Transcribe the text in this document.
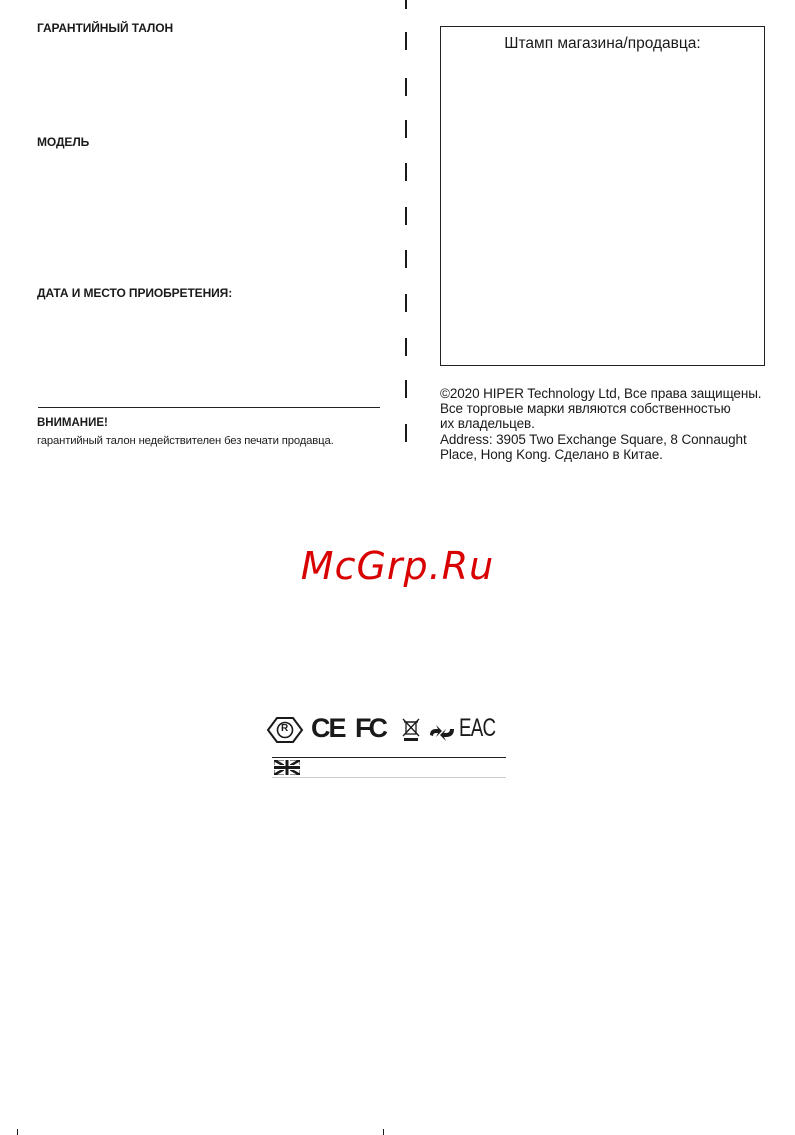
ГАРАНТИЙНЫЙ ТАЛОН
МОДЕЛЬ
ДАТА И МЕСТО ПРИОБРЕТЕНИЯ:
ВНИМАНИЕ!
гарантийный талон недействителен без печати продавца.
Штамп магазина/продавца:
©2020 HIPER Technology Ltd, Все права защищены.
Все торговые марки являются собственностью
их владельцев.
Address: 3905 Two Exchange Square, 8 Connaught
Place, Hong Kong. Сделано в Китае.
McGrp.Ru
R CE FC	EAC
